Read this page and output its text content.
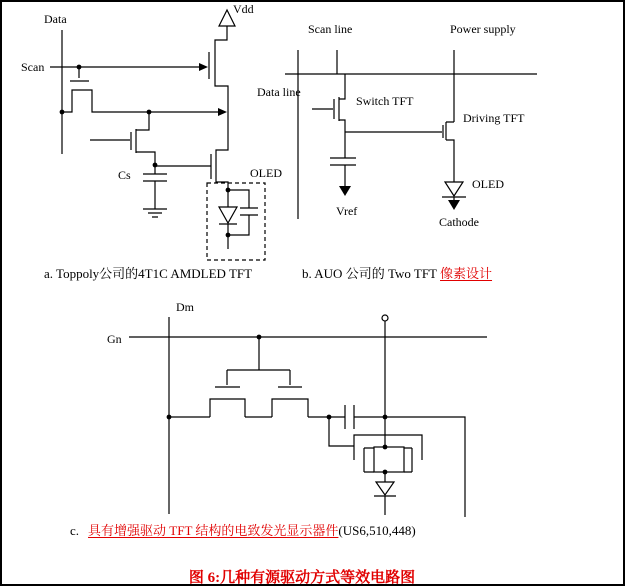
Data
Scan
Vdd
Cs	OLED
Scan line	Power supply
Data line
Switch TFT
Driving TFT
Vref
OLED
Cathode
Dm
Gn
a. Toppoly公司的4T1C AMDLED TFT	b. AUO 公司的 Two TFT 像素设计
c. 具有增强驱动 TFT 结构的电致发光显示器件(US6,510,448)
图 6:几种有源驱动方式等效电路图
